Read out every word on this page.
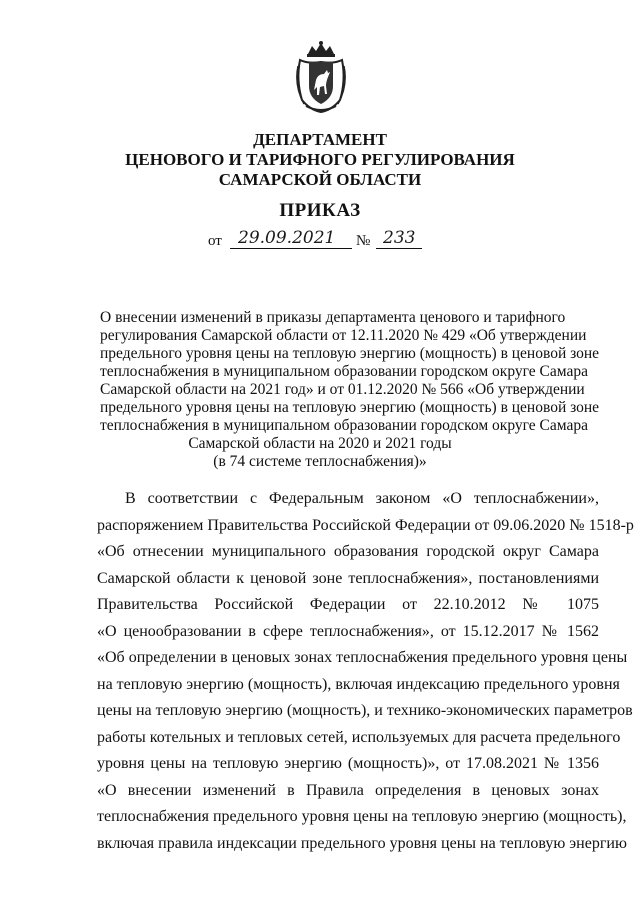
ДЕПАРТАМЕНТ
ЦЕНОВОГО И ТАРИФНОГО РЕГУЛИРОВАНИЯ
САМАРСКОЙ ОБЛАСТИ
ПРИКАЗ
от 29.09.2021 № 233
О внесении изменений в приказы департамента ценового и тарифного
регулирования Самарской области от 12.11.2020 № 429 «Об утверждении
предельного уровня цены на тепловую энергию (мощность) в ценовой зоне
теплоснабжения в муниципальном образовании городском округе Самара
Самарской области на 2021 год» и от 01.12.2020 № 566 «Об утверждении
предельного уровня цены на тепловую энергию (мощность) в ценовой зоне
теплоснабжения в муниципальном образовании городском округе Самара
Самарской области на 2020 и 2021 годы
(в 74 системе теплоснабжения)»
В соответствии с Федеральным законом «О теплоснабжении»,
распоряжением Правительства Российской Федерации от 09.06.2020 № 1518-р
«Об отнесении муниципального образования городской округ Самара
Самарской области к ценовой зоне теплоснабжения», постановлениями
Правительства Российской Федерации от 22.10.2012 № 1075
«О ценообразовании в сфере теплоснабжения», от 15.12.2017 № 1562
«Об определении в ценовых зонах теплоснабжения предельного уровня цены
на тепловую энергию (мощность), включая индексацию предельного уровня
цены на тепловую энергию (мощность), и технико-экономических параметров
работы котельных и тепловых сетей, используемых для расчета предельного
уровня цены на тепловую энергию (мощность)», от 17.08.2021 № 1356
«О внесении изменений в Правила определения в ценовых зонах
теплоснабжения предельного уровня цены на тепловую энергию (мощность),
включая правила индексации предельного уровня цены на тепловую энергию
